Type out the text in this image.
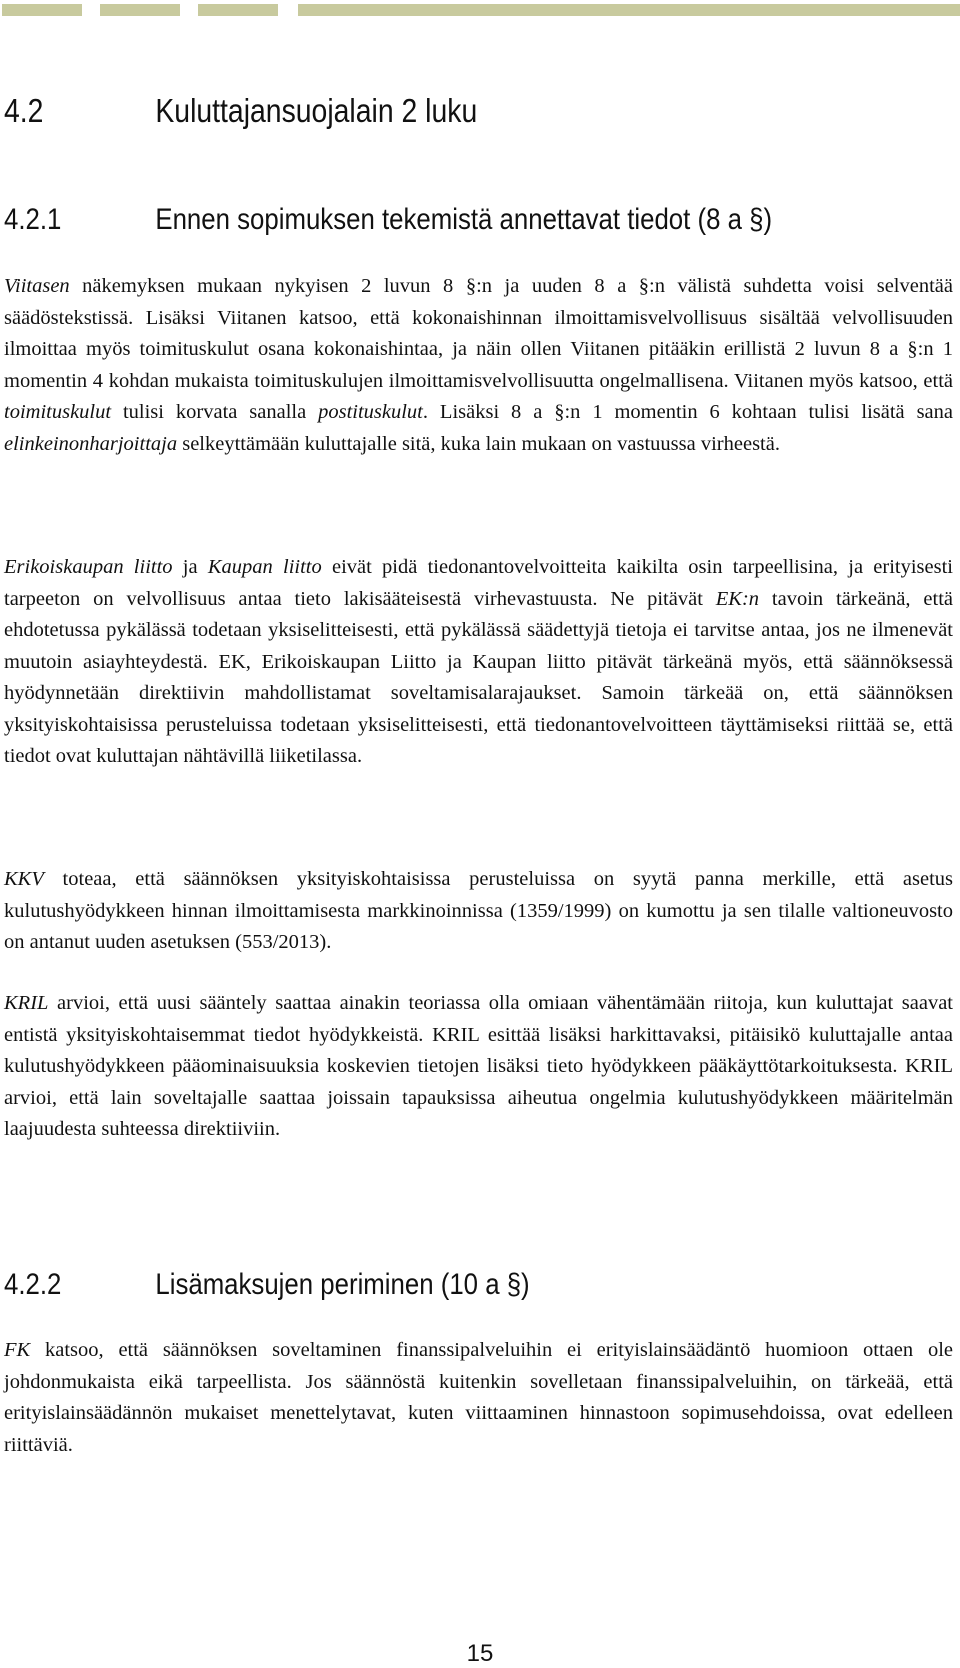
4.2	Kuluttajansuojalain 2 luku
4.2.1	Ennen sopimuksen tekemistä annettavat tiedot (8 a §)

Viitasen näkemyksen mukaan nykyisen 2 luvun 8 §:n ja uuden 8 a §:n välistä suhdetta voisi selventää säädöstekstissä. Lisäksi Viitanen katsoo, että kokonaishinnan ilmoittamisvelvollisuus sisältää velvollisuuden ilmoittaa myös toimituskulut osana kokonaishintaa, ja näin ollen Viitanen pitääkin erillistä 2 luvun 8 a §:n 1 momentin 4 kohdan mukaista toimituskulujen ilmoittamisvelvollisuutta ongelmallisena. Viitanen myös katsoo, että toimituskulut tulisi korvata sanalla postituskulut. Lisäksi 8 a §:n 1 momentin 6 kohtaan tulisi lisätä sana elinkeinonharjoittaja selkeyttämään kuluttajalle sitä, kuka lain mukaan on vastuussa virheestä.

Erikoiskaupan liitto ja Kaupan liitto eivät pidä tiedonantovelvoitteita kaikilta osin tarpeellisina, ja erityisesti tarpeeton on velvollisuus antaa tieto lakisääteisestä virhevastuusta. Ne pitävät EK:n tavoin tärkeänä, että ehdotetussa pykälässä todetaan yksiselitteisesti, että pykälässä säädettyjä tietoja ei tarvitse antaa, jos ne ilmenevät muutoin asiayhteydestä. EK, Erikoiskaupan Liitto ja Kaupan liitto pitävät tärkeänä myös, että säännöksessä hyödynnetään direktiivin mahdollistamat soveltamisalarajaukset. Samoin tärkeää on, että säännöksen yksityiskohtaisissa perusteluissa todetaan yksiselitteisesti, että tiedonantovelvoitteen täyttämiseksi riittää se, että tiedot ovat kuluttajan nähtävillä liiketilassa.

KKV toteaa, että säännöksen yksityiskohtaisissa perusteluissa on syytä panna merkille, että asetus kulutushyödykkeen hinnan ilmoittamisesta markkinoinnissa (1359/1999) on kumottu ja sen tilalle valtioneuvosto on antanut uuden asetuksen (553/2013).

KRIL arvioi, että uusi sääntely saattaa ainakin teoriassa olla omiaan vähentämään riitoja, kun kuluttajat saavat entistä yksityiskohtaisemmat tiedot hyödykkeistä. KRIL esittää lisäksi harkittavaksi, pitäisikö kuluttajalle antaa kulutushyödykkeen pääominaisuuksia koskevien tietojen lisäksi tieto hyödykkeen pääkäyttötarkoituksesta. KRIL arvioi, että lain soveltajalle saattaa joissain tapauksissa aiheutua ongelmia kulutushyödykkeen määritelmän laajuudesta suhteessa direktiiviin.

4.2.2	Lisämaksujen periminen (10 a §)

FK katsoo, että säännöksen soveltaminen finanssipalveluihin ei erityislainsäädäntö huomioon ottaen ole johdonmukaista eikä tarpeellista. Jos säännöstä kuitenkin sovelletaan finanssipalveluihin, on tärkeää, että erityislainsäädännön mukaiset menettelytavat, kuten viittaaminen hinnastoon sopimusehdoissa, ovat edelleen riittäviä.

15
